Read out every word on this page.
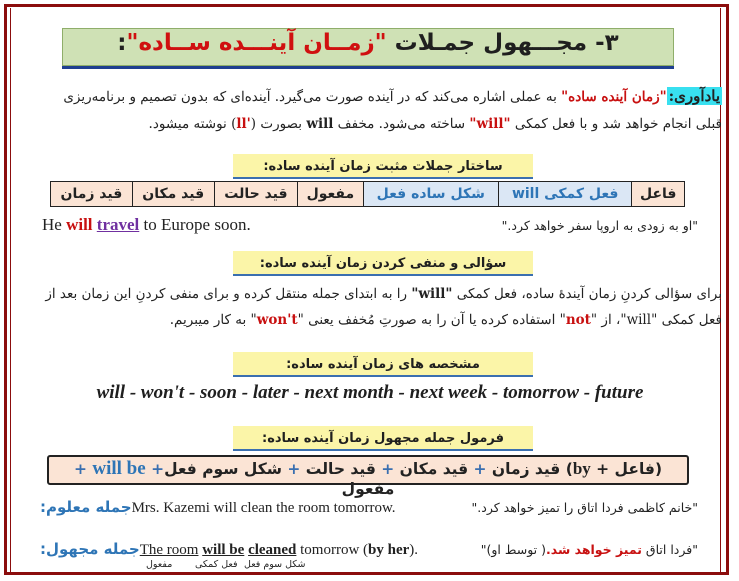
۳- مجـــهول جمـلات "زمــان آینـــده ســاده":
یادآوری:"زمان آینده ساده" به عملی اشاره می‌کند که در آینده صورت می‌گیرد. آینده‌ای که بدون تصمیم و برنامه‌ریزی
قبلی انجام خواهد شد و با فعل کمکی "will" ساخته می‌شود. مخفف will بصورت ('ll) نوشته میشود.
ساختار جملات مثبت زمان آینده ساده:
قید زمان	قید مکان	قید حالت	مفعول	شکل ساده فعل	فعل کمکی will	فاعل
He will travel to Europe soon.	"او به زودی به اروپا سفر خواهد کرد."
سؤالی و منفی کردن زمان آینده ساده:
برای سؤالی کردنِ زمان آیندۀ ساده، فعل کمکی "will" را به ابتدای جمله منتقل کرده و برای منفی کردنِ این زمان بعد از
فعل کمکی "will"، از "not" استفاده کرده یا آن را به صورتِ مُخفف یعنی "won't" به کار میبریم.
مشخصه های زمان آینده ساده:
will - won't - soon - later - next month - next week - tomorrow - future
فرمول جمله مجهول زمان آینده ساده:
(فاعل + by) قید زمان + قید مکان + قید حالت + شکل سوم فعل+ will be + مفعول
جمله معلوم:Mrs. Kazemi will clean the room tomorrow.	"خانم کاظمی فردا اتاق را تمیز خواهد کرد."
جمله مجهول:The room will be cleaned tomorrow (by her).	"فردا اتاق تمیز خواهد شد.( توسط او)"
مفعول فعل کمکی شکل سوم فعل
